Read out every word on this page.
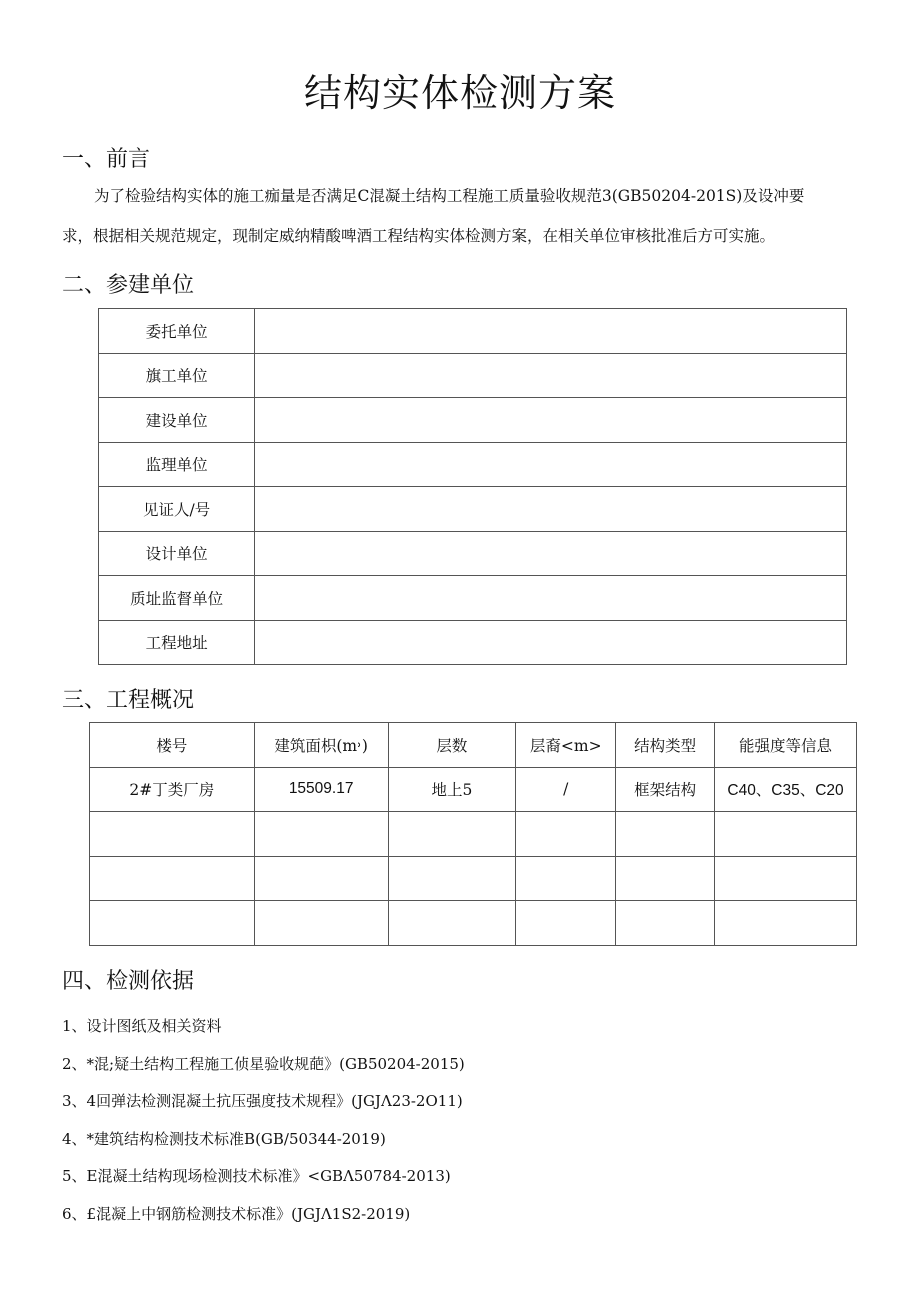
结构实体检测方案
一、前言
为了检验结构实体的施工痂量是否满足C混凝土结构工程施工质量验收规范3(GB50204-201S)及设冲要
求，根据相关规范规定，现制定威纳精酸啤酒工程结构实体检测方案，在相关单位审核批准后方可实施。
二、参建单位
委托单位	
旗工单位	
建设单位	
监理单位	
见证人/号	
设计单位	
质址监督单位	
工程地址	
三、工程概况
楼号	建筑面枳(m˒)	层数	层裔<m>	结构类型	能强度等信息
2#丁类厂房	15509.17	地上5	/	框架结构	C40、C35、C20

四、检测依据
1、设计图纸及相关资料
2、*混;疑土结构工程施工侦星验收规葩》(GB50204-2015)
3、4回弹法检测混凝土抗压强度技术规程》(JGJΛ23-2O11)
4、*建筑结构检测技术标准B(GB∕50344-2019)
5、E混凝土结构现场检测技术标准》<GBΛ50784-2013)
6、£混凝上中钢筋检测技术标准》(JGJΛ1S2-2019)
